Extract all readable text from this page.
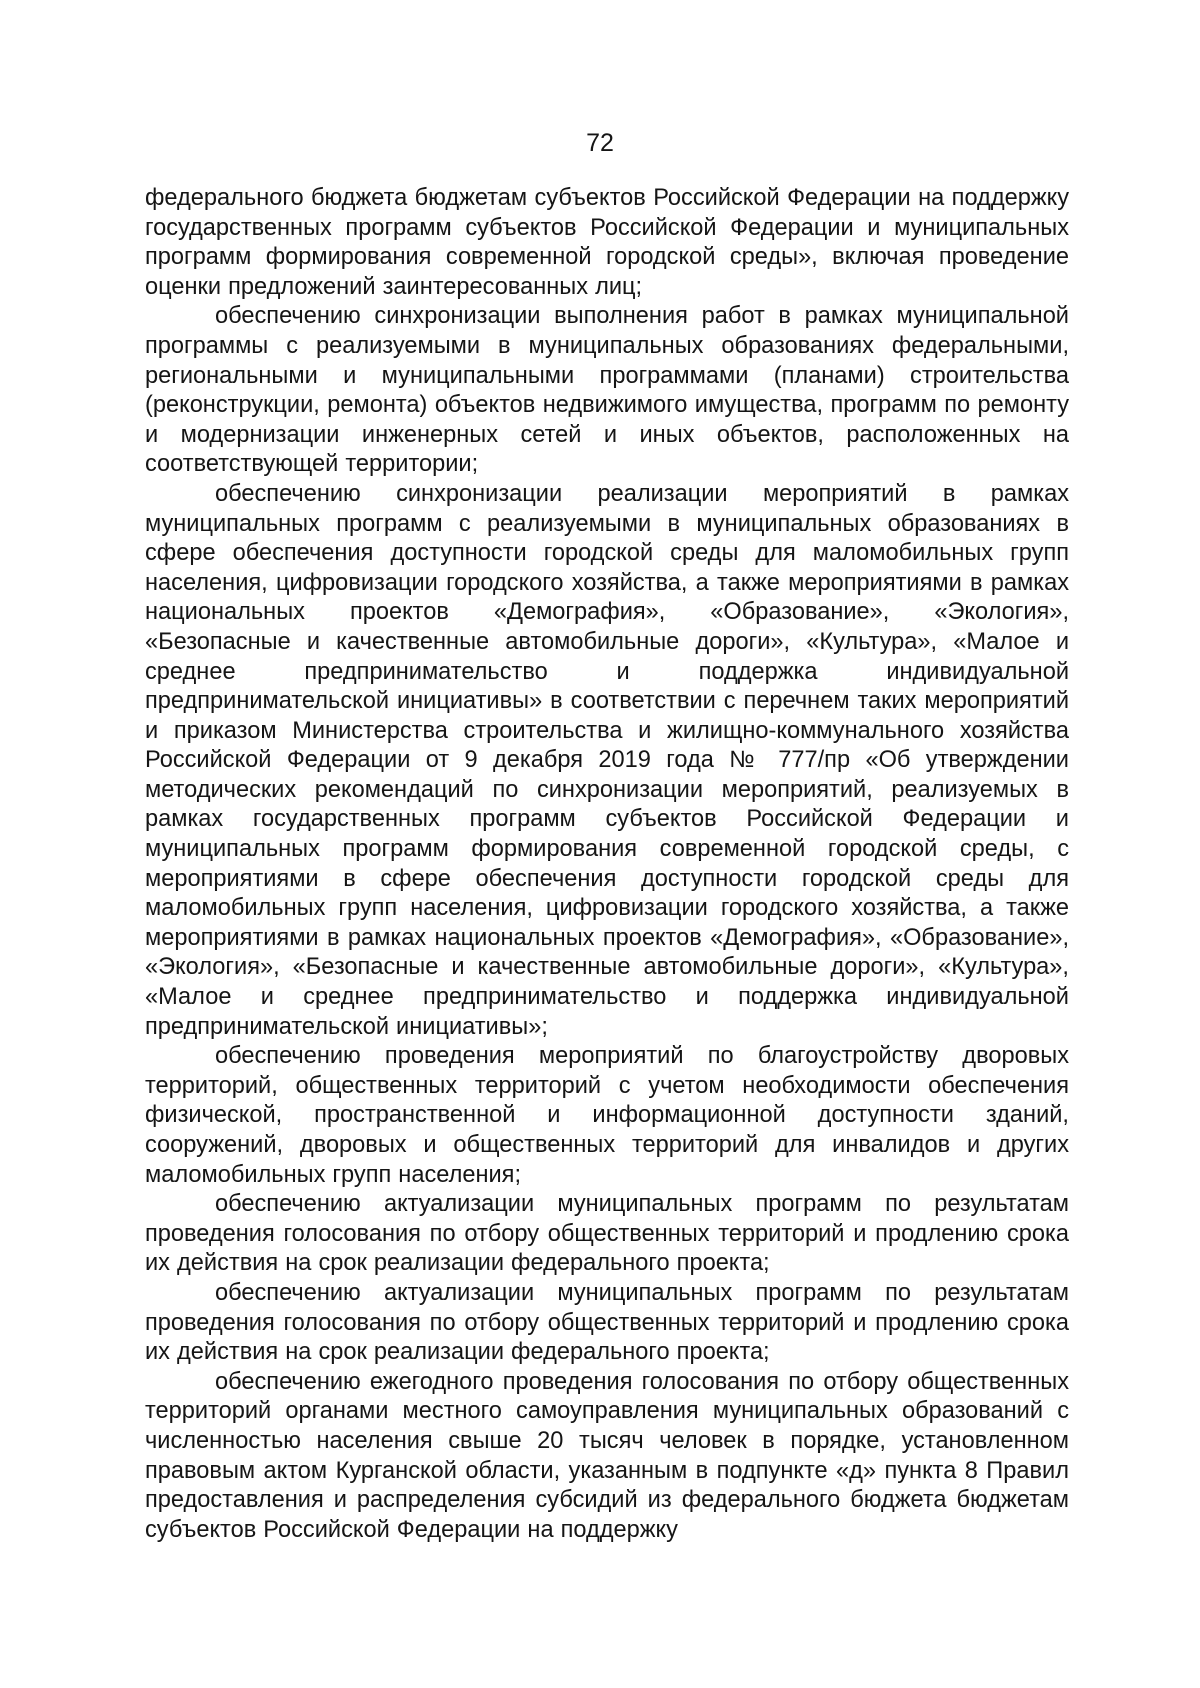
72

федерального бюджета бюджетам субъектов Российской Федерации на поддержку государственных программ субъектов Российской Федерации и муниципальных программ формирования современной городской среды», включая проведение оценки предложений заинтересованных лиц;

обеспечению синхронизации выполнения работ в рамках муниципальной программы с реализуемыми в муниципальных образованиях федеральными, региональными и муниципальными программами (планами) строительства (реконструкции, ремонта) объектов недвижимого имущества, программ по ремонту и модернизации инженерных сетей и иных объектов, расположенных на соответствующей территории;

обеспечению синхронизации реализации мероприятий в рамках муниципальных программ с реализуемыми в муниципальных образованиях в сфере обеспечения доступности городской среды для маломобильных групп населения, цифровизации городского хозяйства, а также мероприятиями в рамках национальных проектов «Демография», «Образование», «Экология», «Безопасные и качественные автомобильные дороги», «Культура», «Малое и среднее предпринимательство и поддержка индивидуальной предпринимательской инициативы» в соответствии с перечнем таких мероприятий и приказом Министерства строительства и жилищно-коммунального хозяйства Российской Федерации от 9 декабря 2019 года № 777/пр «Об утверждении методических рекомендаций по синхронизации мероприятий, реализуемых в рамках государственных программ субъектов Российской Федерации и муниципальных программ формирования современной городской среды, с мероприятиями в сфере обеспечения доступности городской среды для маломобильных групп населения, цифровизации городского хозяйства, а также мероприятиями в рамках национальных проектов «Демография», «Образование», «Экология», «Безопасные и качественные автомобильные дороги», «Культура», «Малое и среднее предпринимательство и поддержка индивидуальной предпринимательской инициативы»;

обеспечению проведения мероприятий по благоустройству дворовых территорий, общественных территорий с учетом необходимости обеспечения физической, пространственной и информационной доступности зданий, сооружений, дворовых и общественных территорий для инвалидов и других маломобильных групп населения;

обеспечению актуализации муниципальных программ по результатам проведения голосования по отбору общественных территорий и продлению срока их действия на срок реализации федерального проекта;

обеспечению актуализации муниципальных программ по результатам проведения голосования по отбору общественных территорий и продлению срока их действия на срок реализации федерального проекта;

обеспечению ежегодного проведения голосования по отбору общественных территорий органами местного самоуправления муниципальных образований с численностью населения свыше 20 тысяч человек в порядке, установленном правовым актом Курганской области, указанным в подпункте «д» пункта 8 Правил предоставления и распределения субсидий из федерального бюджета бюджетам субъектов Российской Федерации на поддержку
